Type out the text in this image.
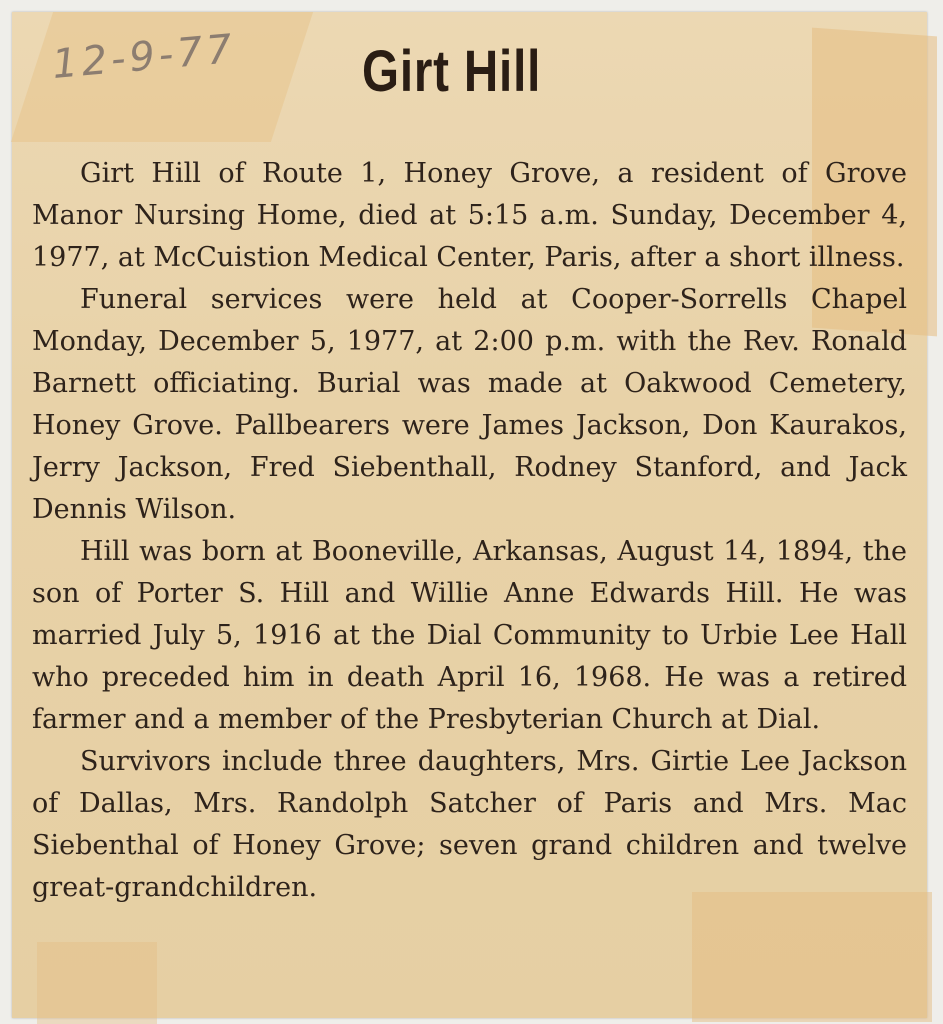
12-9-77 Girt Hill

Girt Hill of Route 1, Honey Grove, a resident of Grove Manor Nursing Home, died at 5:15 a.m. Sunday, December 4, 1977, at McCuistion Medical Center, Paris, after a short illness.

Funeral services were held at Cooper-Sorrells Chapel Monday, December 5, 1977, at 2:00 p.m. with the Rev. Ronald Barnett officiating. Burial was made at Oakwood Cemetery, Honey Grove. Pallbearers were James Jackson, Don Kaurakos, Jerry Jackson, Fred Siebenthall, Rodney Stanford, and Jack Dennis Wilson.

Hill was born at Booneville, Arkansas, August 14, 1894, the son of Porter S. Hill and Willie Anne Edwards Hill. He was married July 5, 1916 at the Dial Community to Urbie Lee Hall who preceded him in death April 16, 1968. He was a retired farmer and a member of the Presbyterian Church at Dial.

Survivors include three daughters, Mrs. Girtie Lee Jackson of Dallas, Mrs. Randolph Satcher of Paris and Mrs. Mac Siebenthal of Honey Grove; seven grand children and twelve great-grandchildren.
